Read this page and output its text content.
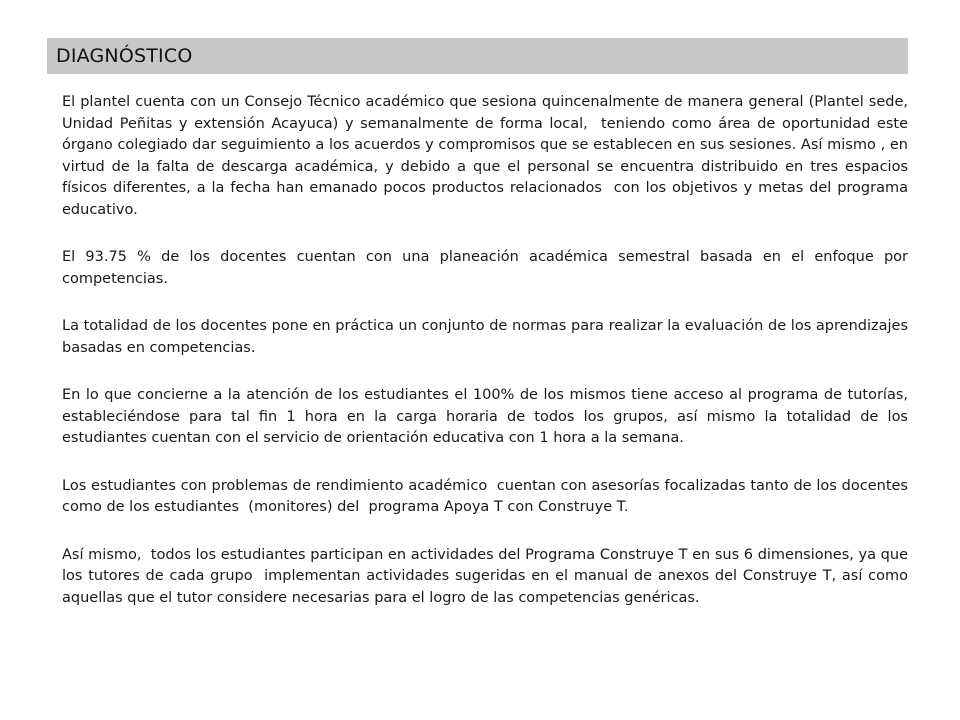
DIAGNÓSTICO

El plantel cuenta con un Consejo Técnico académico que sesiona quincenalmente de manera general (Plantel sede, Unidad Peñitas y extensión Acayuca) y semanalmente de forma local,  teniendo como área de oportunidad este órgano colegiado dar seguimiento a los acuerdos y compromisos que se establecen en sus sesiones. Así mismo , en virtud de la falta de descarga académica, y debido a que el personal se encuentra distribuido en tres espacios físicos diferentes, a la fecha han emanado pocos productos relacionados  con los objetivos y metas del programa educativo.

El 93.75 % de los docentes cuentan con una planeación académica semestral basada en el enfoque por competencias.

La totalidad de los docentes pone en práctica un conjunto de normas para realizar la evaluación de los aprendizajes basadas en competencias.

En lo que concierne a la atención de los estudiantes el 100% de los mismos tiene acceso al programa de tutorías,  estableciéndose para tal fin 1 hora en la carga horaria de todos los grupos, así mismo la totalidad de los estudiantes cuentan con el servicio de orientación educativa con 1 hora a la semana.

Los estudiantes con problemas de rendimiento académico  cuentan con asesorías focalizadas tanto de los docentes como de los estudiantes  (monitores) del  programa Apoya T con Construye T.

Así mismo,  todos los estudiantes participan en actividades del Programa Construye T en sus 6 dimensiones, ya que los tutores de cada grupo  implementan actividades sugeridas en el manual de anexos del Construye T, así como aquellas que el tutor considere necesarias para el logro de las competencias genéricas.
